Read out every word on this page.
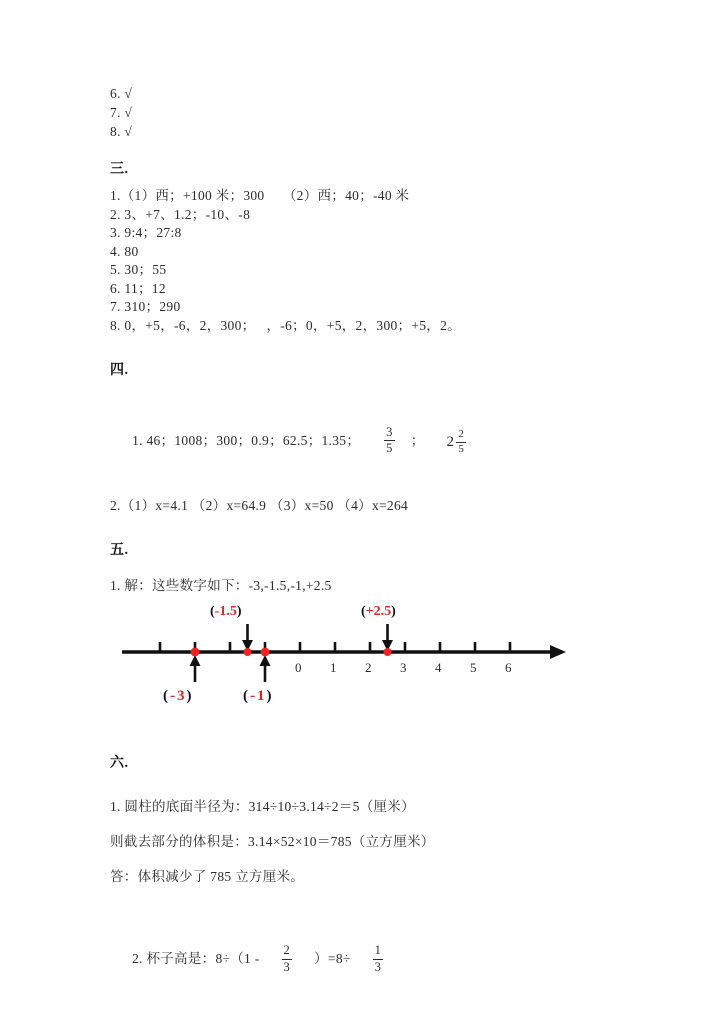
6. √
7. √
8. √
三.
1.（1）西；+100 米；300     （2）西；40；-40 米
2. 3、+7、1.2；-10、-8
3. 9:4；27:8
4. 80
5. 30；55
6. 11；12
7. 310；290
8. 0，+5，-6，2，300；   ，-6；0，+5，2，300；+5，2。
四.

1. 46；1008；300；0.9；62.5；1.35； $\frac{3}{5}$ ； $2 \frac{2}{5}$

2.（1）x=4.1 （2）x=64.9 （3）x=50 （4）x=264
五.
1. 解：这些数字如下：-3,-1.5,-1,+2.5
(-1.5)	(+2.5)
(-3)	(-1)
0 1 2 3 4 5 6
六.
1. 圆柱的底面半径为：314÷10÷3.14÷2＝5（厘米）
则截去部分的体积是：3.14×52×10＝785（立方厘米）
答：体积减少了 785 立方厘米。

2. 杯子高是：$8\div(1 - \frac{2}{3} )=8\div \frac{1}{3}$
